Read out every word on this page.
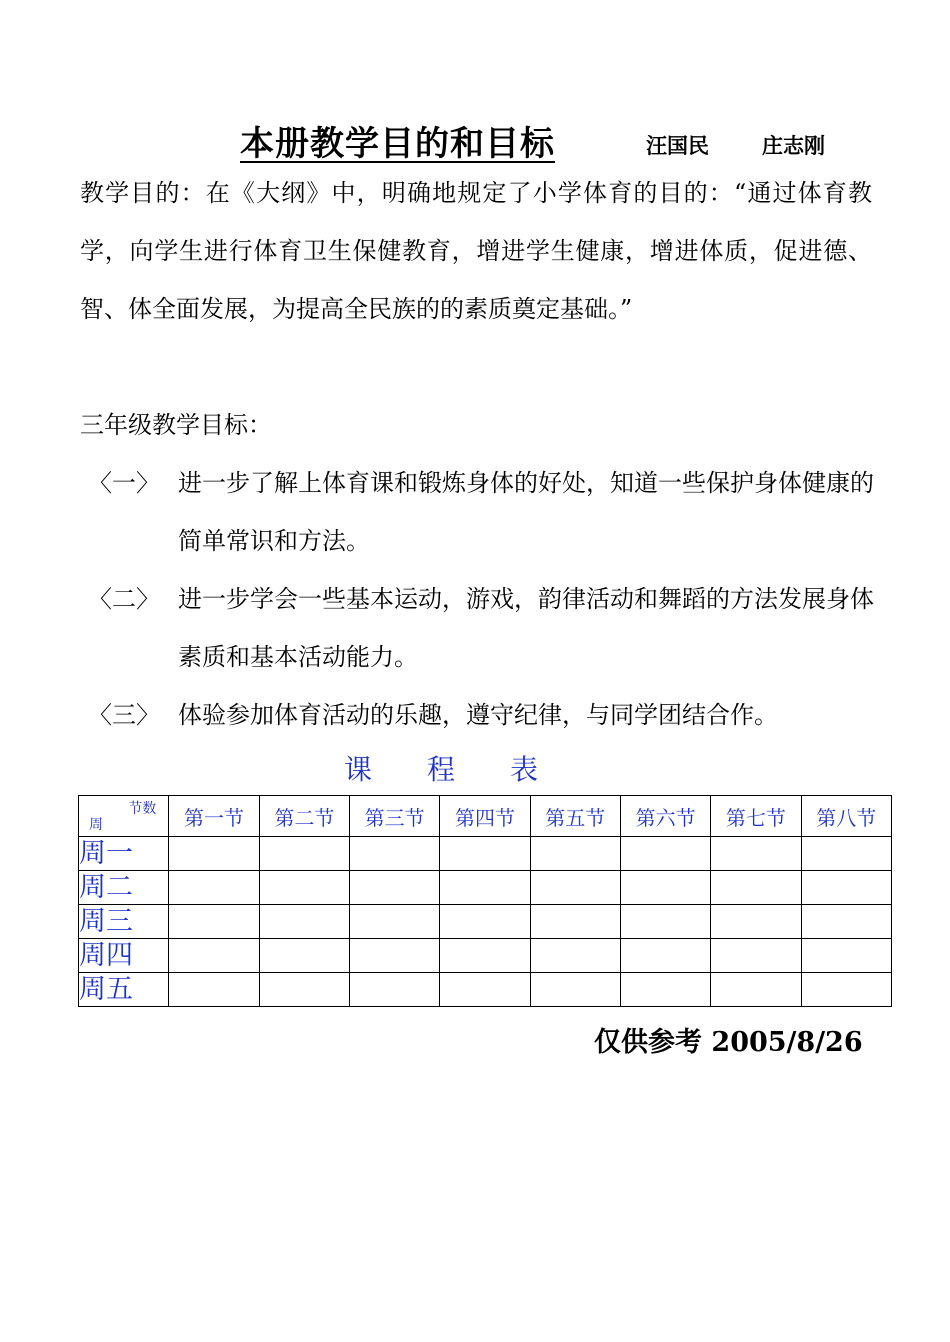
本册教学目的和目标	汪国民	庄志刚
教学目的：在《大纲》中，明确地规定了小学体育的目的：“通过体育教学，向学生进行体育卫生保健教育，增进学生健康，增进体质，促进德、智、体全面发展，为提高全民族的的素质奠定基础。”
三年级教学目标：
〈一〉 进一步了解上体育课和锻炼身体的好处，知道一些保护身体健康的简单常识和方法。
〈二〉 进一步学会一些基本运动，游戏，韵律活动和舞蹈的方法发展身体素质和基本活动能力。
〈三〉 体验参加体育活动的乐趣，遵守纪律，与同学团结合作。
课程表
节数
周	第一节	第二节	第三节	第四节	第五节	第六节	第七节	第八节
周一								
周二								
周三								
周四								
周五								
仅供参考 2005/8/26
